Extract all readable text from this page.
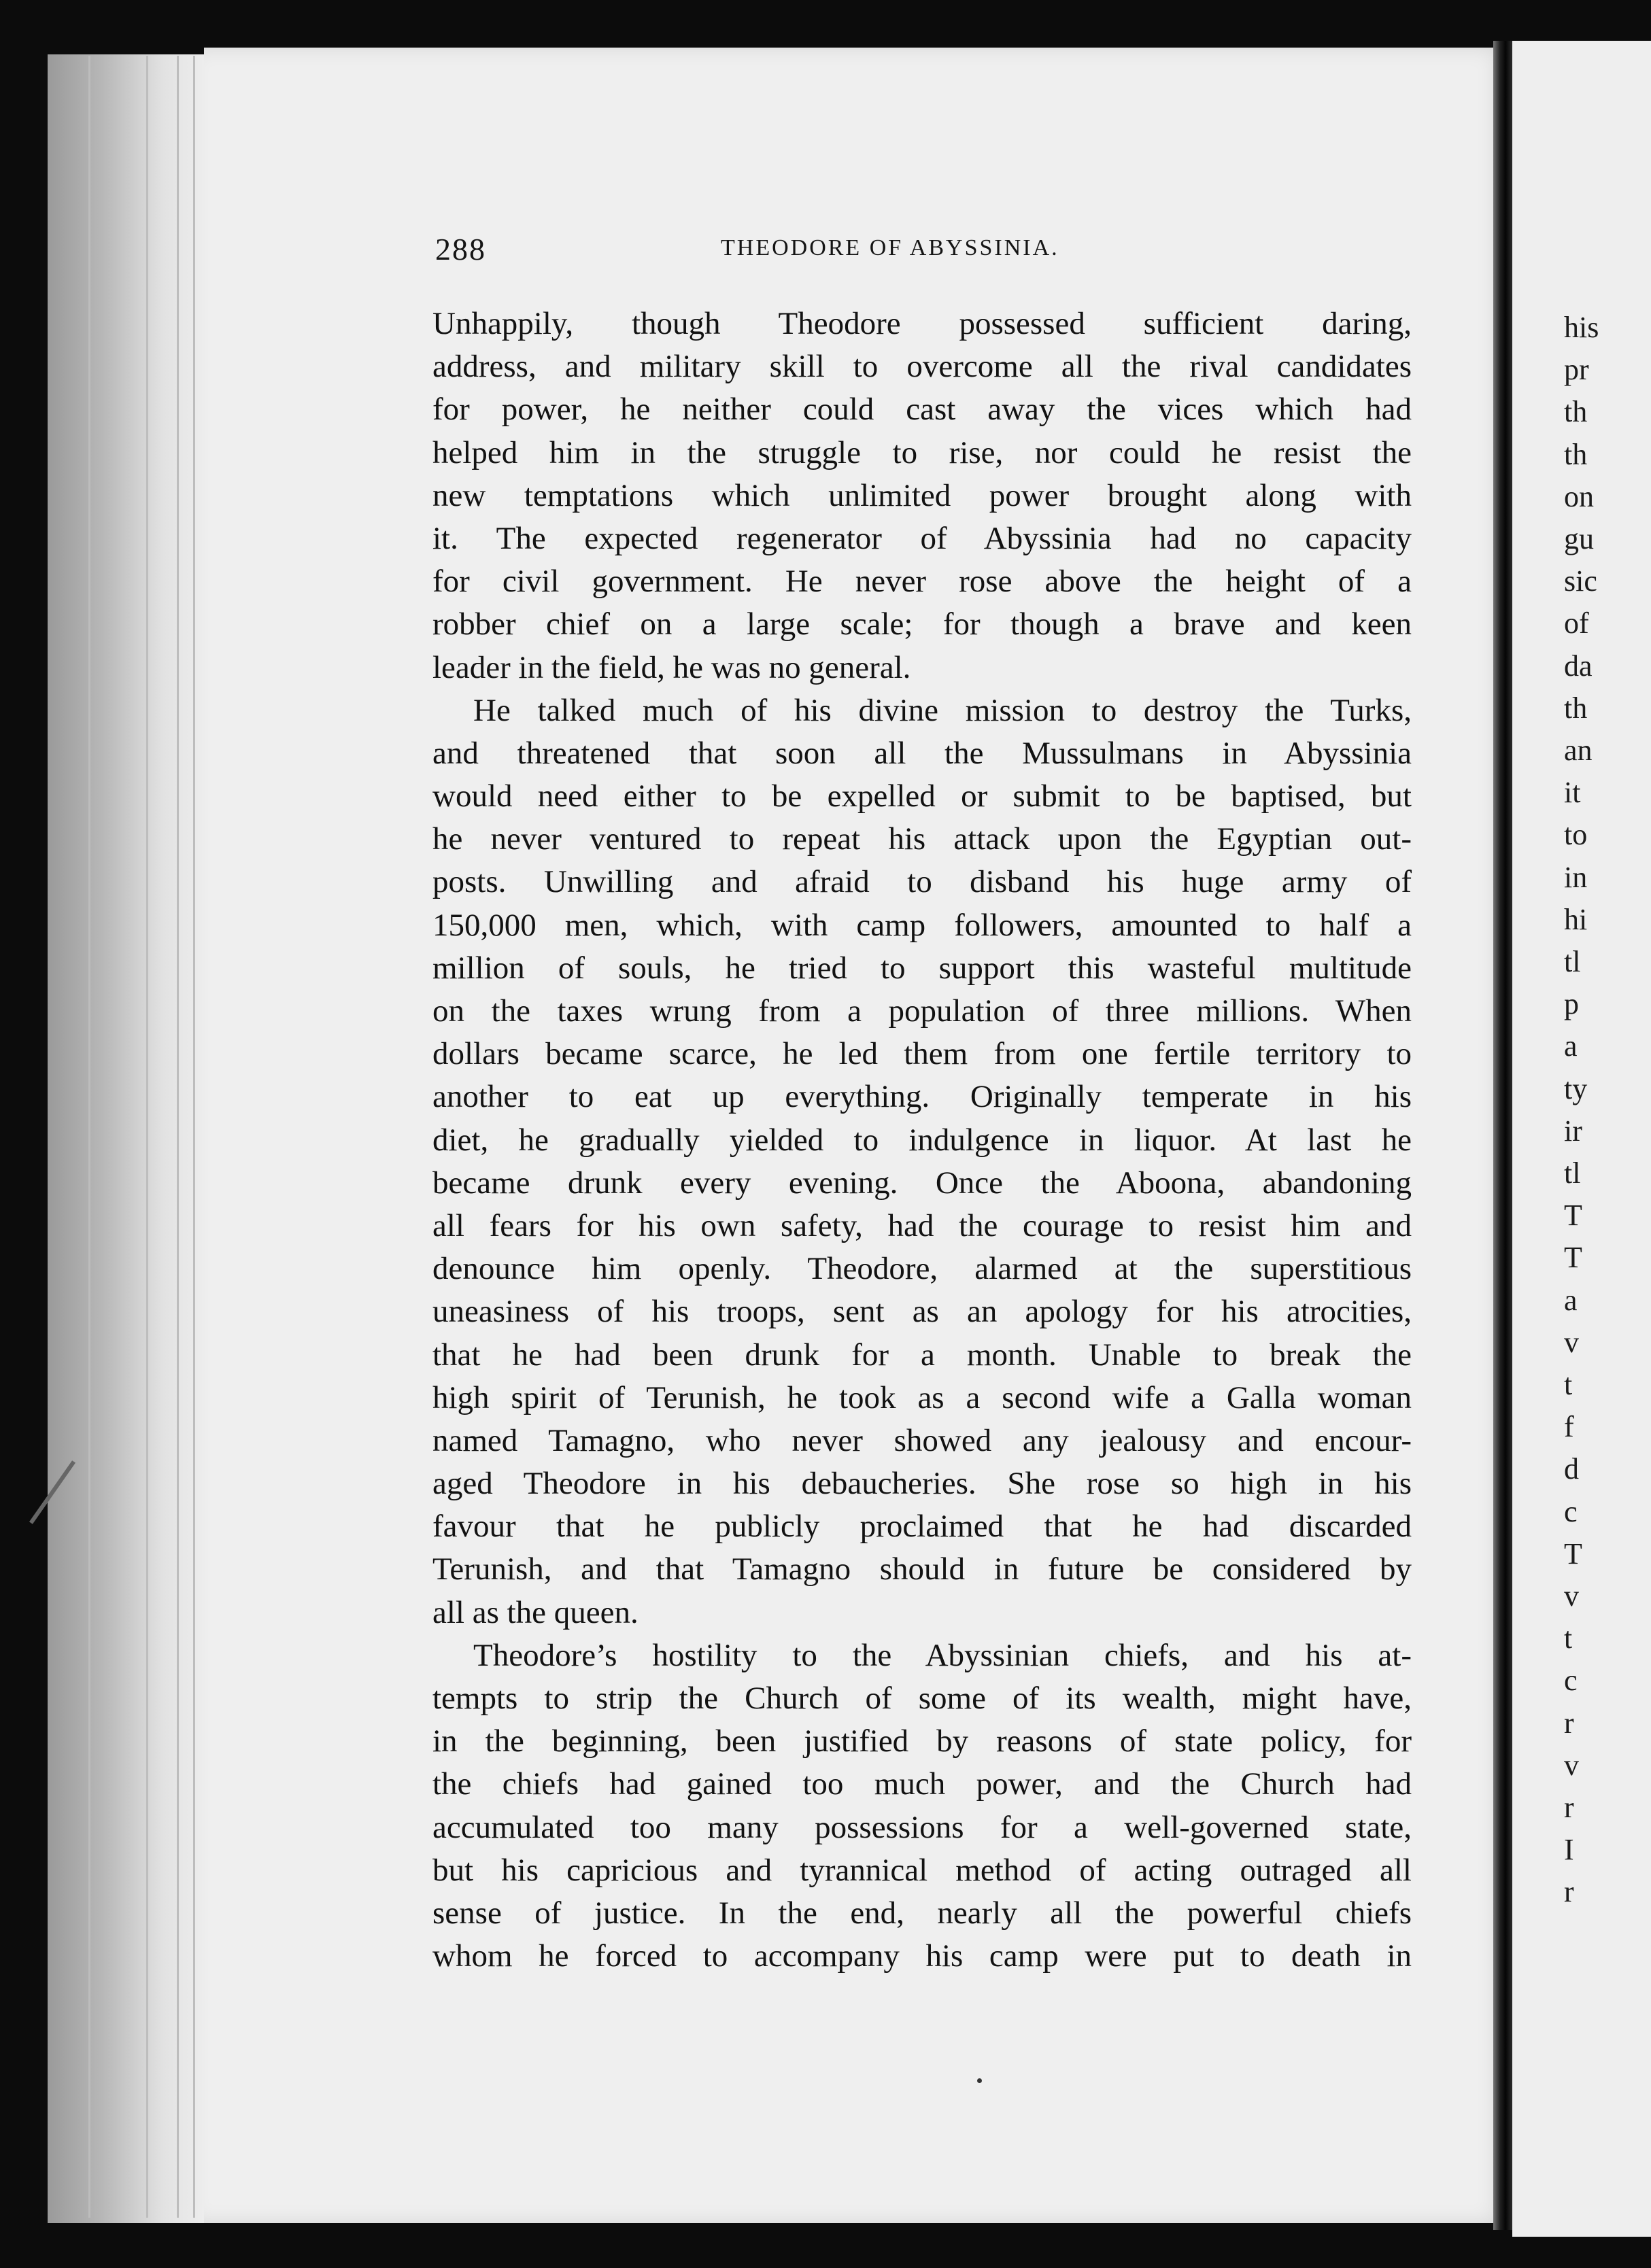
his
pr
th
th
on
gu
sic
of
da
th
an
it
to
in
hi
tl
p
a
ty
ir
tl
T
T
a
v
t
f
d
c
T
v
t
c
r
v
r
I
r
288	THEODORE OF ABYSSINIA.
Unhappily, though Theodore possessed sufficient daring,
address, and military skill to overcome all the rival candidates
for power, he neither could cast away the vices which had
helped him in the struggle to rise, nor could he resist the
new temptations which unlimited power brought along with
it. The expected regenerator of Abyssinia had no capacity
for civil government. He never rose above the height of a
robber chief on a large scale; for though a brave and keen
leader in the field, he was no general.
He talked much of his divine mission to destroy the Turks,
and threatened that soon all the Mussulmans in Abyssinia
would need either to be expelled or submit to be baptised, but
he never ventured to repeat his attack upon the Egyptian out-
posts. Unwilling and afraid to disband his huge army of
150,000 men, which, with camp followers, amounted to half a
million of souls, he tried to support this wasteful multitude
on the taxes wrung from a population of three millions. When
dollars became scarce, he led them from one fertile territory to
another to eat up everything. Originally temperate in his
diet, he gradually yielded to indulgence in liquor. At last he
became drunk every evening. Once the Aboona, abandoning
all fears for his own safety, had the courage to resist him and
denounce him openly. Theodore, alarmed at the superstitious
uneasiness of his troops, sent as an apology for his atrocities,
that he had been drunk for a month. Unable to break the
high spirit of Terunish, he took as a second wife a Galla woman
named Tamagno, who never showed any jealousy and encour-
aged Theodore in his debaucheries. She rose so high in his
favour that he publicly proclaimed that he had discarded
Terunish, and that Tamagno should in future be considered by
all as the queen.
Theodore’s hostility to the Abyssinian chiefs, and his at-
tempts to strip the Church of some of its wealth, might have,
in the beginning, been justified by reasons of state policy, for
the chiefs had gained too much power, and the Church had
accumulated too many possessions for a well-governed state,
but his capricious and tyrannical method of acting outraged all
sense of justice. In the end, nearly all the powerful chiefs
whom he forced to accompany his camp were put to death in
